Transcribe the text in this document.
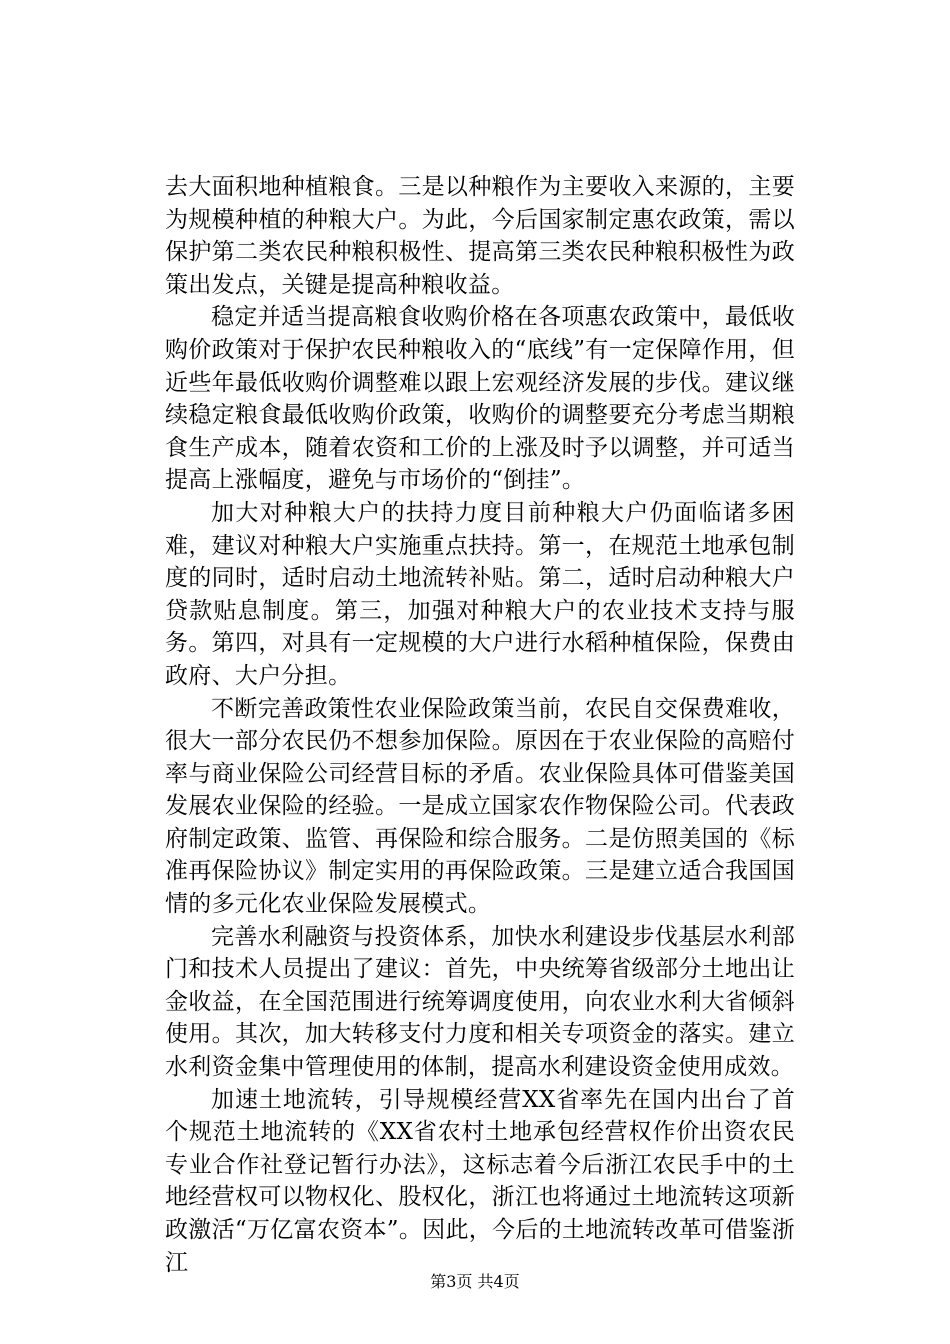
去大面积地种植粮食。三是以种粮作为主要收入来源的，主要为规模种植的种粮大户。为此，今后国家制定惠农政策，需以保护第二类农民种粮积极性、提高第三类农民种粮积极性为政策出发点，关键是提高种粮收益。

稳定并适当提高粮食收购价格在各项惠农政策中，最低收购价政策对于保护农民种粮收入的“底线”有一定保障作用，但近些年最低收购价调整难以跟上宏观经济发展的步伐。建议继续稳定粮食最低收购价政策，收购价的调整要充分考虑当期粮食生产成本，随着农资和工价的上涨及时予以调整，并可适当提高上涨幅度，避免与市场价的“倒挂”。

加大对种粮大户的扶持力度目前种粮大户仍面临诸多困难，建议对种粮大户实施重点扶持。第一，在规范土地承包制度的同时，适时启动土地流转补贴。第二，适时启动种粮大户贷款贴息制度。第三，加强对种粮大户的农业技术支持与服务。第四，对具有一定规模的大户进行水稻种植保险，保费由政府、大户分担。

不断完善政策性农业保险政策当前，农民自交保费难收，很大一部分农民仍不想参加保险。原因在于农业保险的高赔付率与商业保险公司经营目标的矛盾。农业保险具体可借鉴美国发展农业保险的经验。一是成立国家农作物保险公司。代表政府制定政策、监管、再保险和综合服务。二是仿照美国的《标准再保险协议》制定实用的再保险政策。三是建立适合我国国情的多元化农业保险发展模式。

完善水利融资与投资体系，加快水利建设步伐基层水利部门和技术人员提出了建议：首先，中央统筹省级部分土地出让金收益，在全国范围进行统筹调度使用，向农业水利大省倾斜使用。其次，加大转移支付力度和相关专项资金的落实。建立水利资金集中管理使用的体制，提高水利建设资金使用成效。

加速土地流转，引导规模经营XX省率先在国内出台了首个规范土地流转的《XX省农村土地承包经营权作价出资农民专业合作社登记暂行办法》，这标志着今后浙江农民手中的土地经营权可以物权化、股权化，浙江也将通过土地流转这项新政激活“万亿富农资本”。因此，今后的土地流转改革可借鉴浙江

第3页 共4页
